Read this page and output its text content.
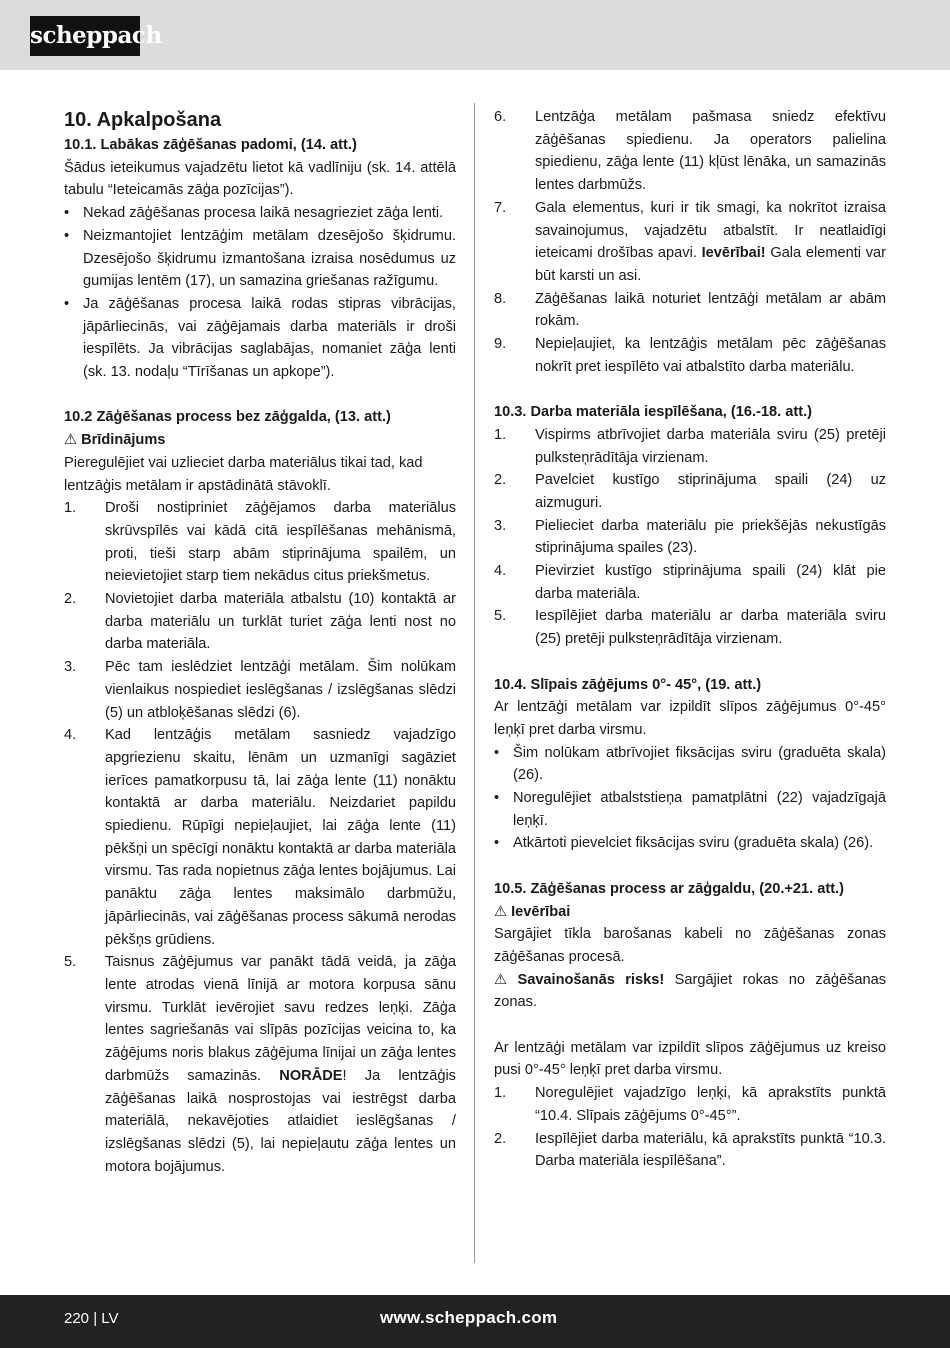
scheppach

10. Apkalpošana

10.1. Labākas zāģēšanas padomi, (14. att.)

Šādus ieteikumus vajadzētu lietot kā vadlīniju (sk. 14. attēlā tabulu “Ieteicamās zāģa pozīcijas”).

• Nekad zāģēšanas procesa laikā nesagrieziet zāģa lenti.
• Neizmantojiet lentzāģim metālam dzesējošo šķidrumu. Dzesējošo šķidrumu izmantošana izraisa nosēdumus uz gumijas lentēm (17), un samazina griešanas ražīgumu.
• Ja zāģēšanas procesa laikā rodas stipras vibrācijas, jāpārliecinās, vai zāģējamais darba materiāls ir droši iespīlēts. Ja vibrācijas saglabājas, nomaniet zāģa lenti (sk. 13. nodaļu “Tīrīšanas un apkope”).

10.2 Zāģēšanas process bez zāģgalda, (13. att.)

⚠ Brīdinājums

Pieregulējiet vai uzlieciet darba materiālus tikai tad, kad lentzāģis metālam ir apstādinātā stāvoklī.

1. Droši nostipriniet zāģējamos darba materiālus skrūvspīlēs vai kādā citā iespīlēšanas mehānismā, proti, tieši starp abām stiprinājuma spailēm, un neievietojiet starp tiem nekādus citus priekšmetus.
2. Novietojiet darba materiāla atbalstu (10) kontaktā ar darba materiālu un turklāt turiet zāģa lenti nost no darba materiāla.
3. Pēc tam ieslēdziet lentzāģi metālam. Šim nolūkam vienlaikus nospiediet ieslēgšanas / izslēgšanas slēdzi (5) un atbloķēšanas slēdzi (6).
4. Kad lentzāģis metālam sasniedz vajadzīgo apgriezienu skaitu, lēnām un uzmanīgi sagāziet ierīces pamatkorpusu tā, lai zāģa lente (11) nonāktu kontaktā ar darba materiālu. Neizdariet papildu spiedienu. Rūpīgi nepieļaujiet, lai zāģa lente (11) pēkšņi un spēcīgi nonāktu kontaktā ar darba materiāla virsmu. Tas rada nopietnus zāģa lentes bojājumus. Lai panāktu zāģa lentes maksimālo darbmūžu, jāpārliecinās, vai zāģēšanas process sākumā nerodas pēkšņs grūdiens.
5. Taisnus zāģējumus var panākt tādā veidā, ja zāģa lente atrodas vienā līnijā ar motora korpusa sānu virsmu. Turklāt ievērojiet savu redzes leņķi. Zāģa lentes sagriešanās vai slīpās pozīcijas veicina to, ka zāģējums noris blakus zāģējuma līnijai un zāģa lentes darbmūžs samazinās. NORĀDE! Ja lentzāģis zāģēšanas laikā nosprostojas vai iestrēgst darba materiālā, nekavējoties atlaidiet ieslēgšanas / izslēgšanas slēdzi (5), lai nepieļautu zāģa lentes un motora bojājumus.
6. Lentzāģa metālam pašmasa sniedz efektīvu zāģēšanas spiedienu. Ja operators palielina spiedienu, zāģa lente (11) kļūst lēnāka, un samazinās lentes darbmūžs.
7. Gala elementus, kuri ir tik smagi, ka nokrītot izraisa savainojumus, vajadzētu atbalstīt. Ir neatlaidīgi ieteicami drošības apavi. Ievērībai! Gala elementi var būt karsti un asi.
8. Zāģēšanas laikā noturiet lentzāģi metālam ar abām rokām.
9. Nepieļaujiet, ka lentzāģis metālam pēc zāģēšanas nokrīt pret iespīlēto vai atbalstīto darba materiālu.

10.3. Darba materiāla iespīlēšana, (16.-18. att.)

1. Vispirms atbrīvojiet darba materiāla sviru (25) pretēji pulksteņrādītāja virzienam.
2. Pavelciet kustīgo stiprinājuma spaili (24) uz aizmuguri.
3. Pielieciet darba materiālu pie priekšējās nekustīgās stiprinājuma spailes (23).
4. Pievirziet kustīgo stiprinājuma spaili (24) klāt pie darba materiāla.
5. Iespīlējiet darba materiālu ar darba materiāla sviru (25) pretēji pulksteņrādītāja virzienam.

10.4. Slīpais zāģējums 0°- 45°, (19. att.)

Ar lentzāģi metālam var izpildīt slīpos zāģējumus 0°-45° leņķī pret darba virsmu.

• Šim nolūkam atbrīvojiet fiksācijas sviru (graduēta skala) (26).
• Noregulējiet atbalststieņa pamatplātni (22) vajadzīgajā leņķī.
• Atkārtoti pievelciet fiksācijas sviru (graduēta skala) (26).

10.5. Zāģēšanas process ar zāģgaldu, (20.+21. att.)

⚠ Ievērībai

Sargājiet tīkla barošanas kabeli no zāģēšanas zonas zāģēšanas procesā.

⚠ Savainošanās risks! Sargājiet rokas no zāģēšanas zonas.

Ar lentzāģi metālam var izpildīt slīpos zāģējumus uz kreiso pusi 0°-45° leņķī pret darba virsmu.

1. Noregulējiet vajadzīgo leņķi, kā aprakstīts punktā “10.4. Slīpais zāģējums 0°-45°”.
2. Iespīlējiet darba materiālu, kā aprakstīts punktā “10.3. Darba materiāla iespīlēšana”.
220 | LV	www.scheppach.com
